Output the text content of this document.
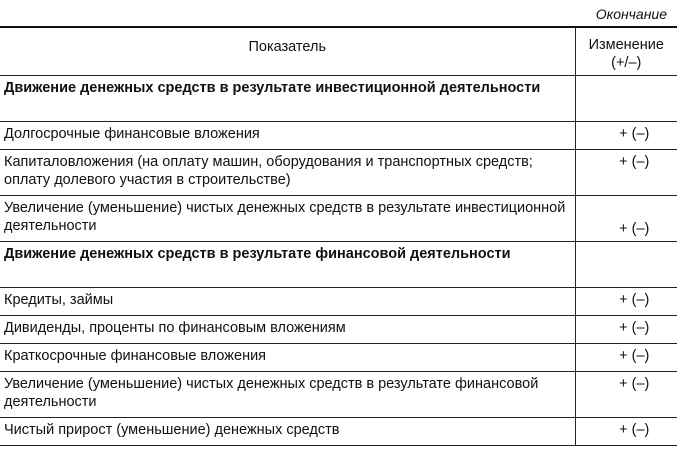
Окончание
Показатель	Изменение (+/–)
Движение денежных средств в результате инвестиционной деятельности	
Долгосрочные финансовые вложения	+ (–)
Капиталовложения (на оплату машин, оборудования и транспортных средств; оплату долевого участия в строительстве)	+ (–)
Увеличение (уменьшение) чистых денежных средств в результате инвестиционной деятельности	+ (–)
Движение денежных средств в результате финансовой деятельности	
Кредиты, займы	+ (–)
Дивиденды, проценты по финансовым вложениям	+ (–)
Краткосрочные финансовые вложения	+ (–)
Увеличение (уменьшение) чистых денежных средств в результате финансовой деятельности	+ (–)
Чистый прирост (уменьшение) денежных средств	+ (–)
